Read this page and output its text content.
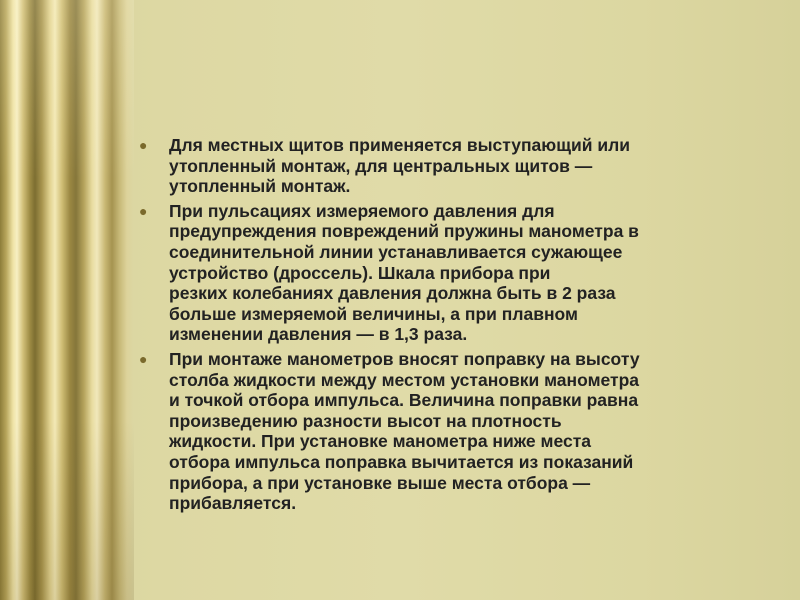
● Для местных щитов применяется выступающий или
утопленный монтаж, для центральных щитов —
утопленный монтаж.
● При пульсациях измеряемого давления для
предупреждения повреждений пружины манометра в
соединительной линии устанавливается сужающее
устройство (дроссель). Шкала прибора при
резких колебаниях давления должна быть в 2 раза
больше измеряемой величины, а при плавном
изменении давления — в 1,3 раза.
● При монтаже манометров вносят поправку на высоту
столба жидкости между местом установки манометра
и точкой отбора импульса. Величина поправки равна
произведению разности высот на плотность
жидкости. При установке манометра ниже места
отбора импульса поправка вычитается из показаний
прибора, а при установке выше места отбора —
прибавляется.
